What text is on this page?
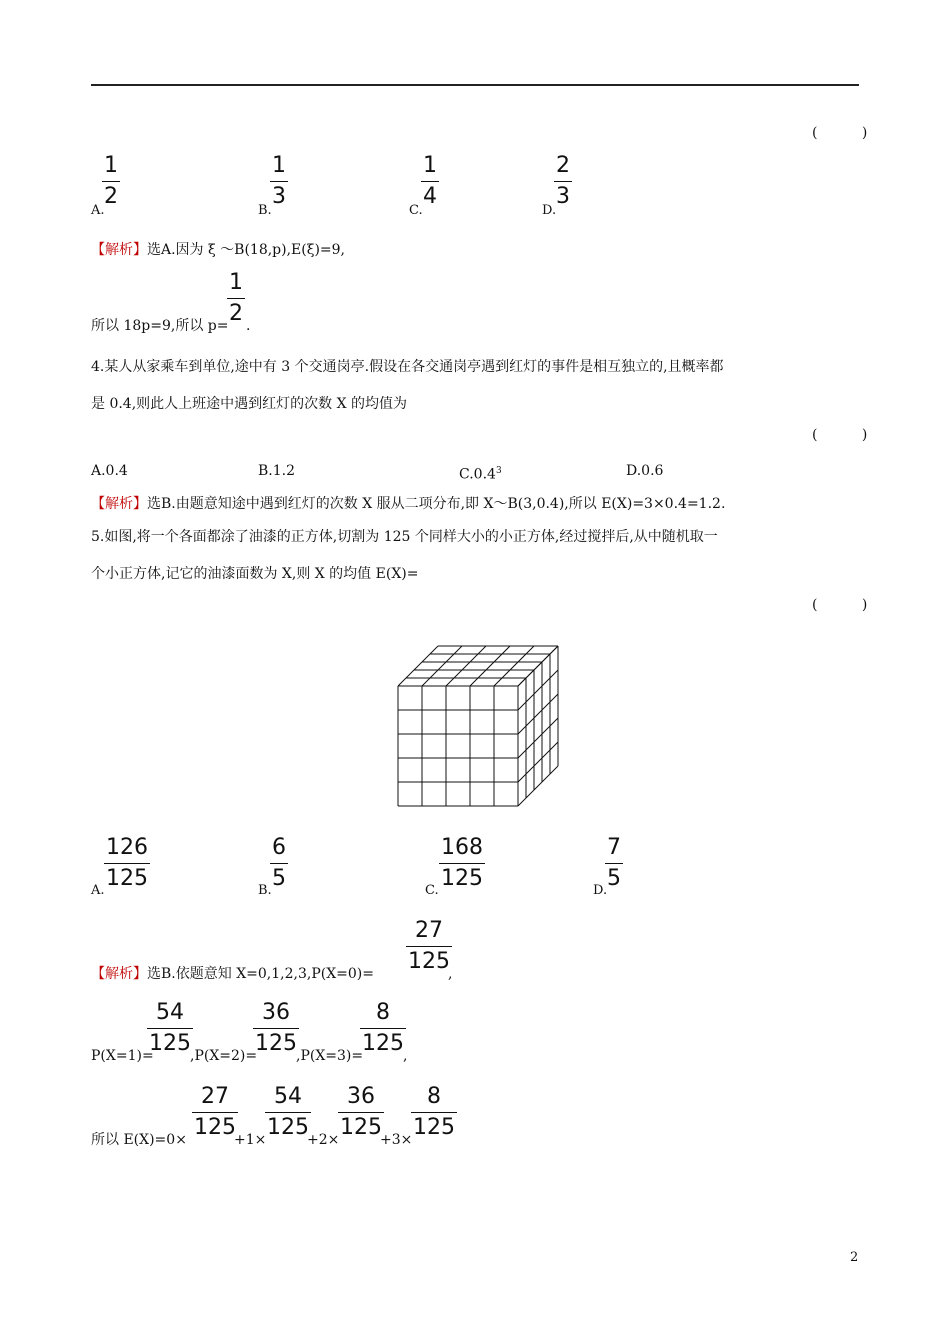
( )
A.
1
2
B.
1
3
C.
1
4
D.
2
3
【解析】选A.因为 ξ ～B(18,p),E(ξ)=9,
所以 18p=9,所以 p=
1
2 .
4.某人从家乘车到单位,途中有 3 个交通岗亭.假设在各交通岗亭遇到红灯的事件是相互独立的,且概率都
是 0.4,则此人上班途中遇到红灯的次数 X 的均值为
( )
A.0.4	B.1.2	C.0.4$^3$	D.0.6
【解析】选B.由题意知途中遇到红灯的次数 X 服从二项分布,即 X～B(3,0.4),所以 E(X)=3×0.4=1.2.
5.如图,将一个各面都涂了油漆的正方体,切割为 125 个同样大小的小正方体,经过搅拌后,从中随机取一
个小正方体,记它的油漆面数为 X,则 X 的均值 E(X)=
( )
A.
126
125	B.
6
5	C.
168
125	D.
7
5
【解析】选B.依题意知 X=0,1,2,3,P(X=0)=
27
125
,
P(X=1)=
54
125 ,P(X=2)=
36
125 ,P(X=3)=
8
125 ,
所以 E(X)=0×
27
125
+1×
54
125
+2×
36
125
+3×
8
125
2
